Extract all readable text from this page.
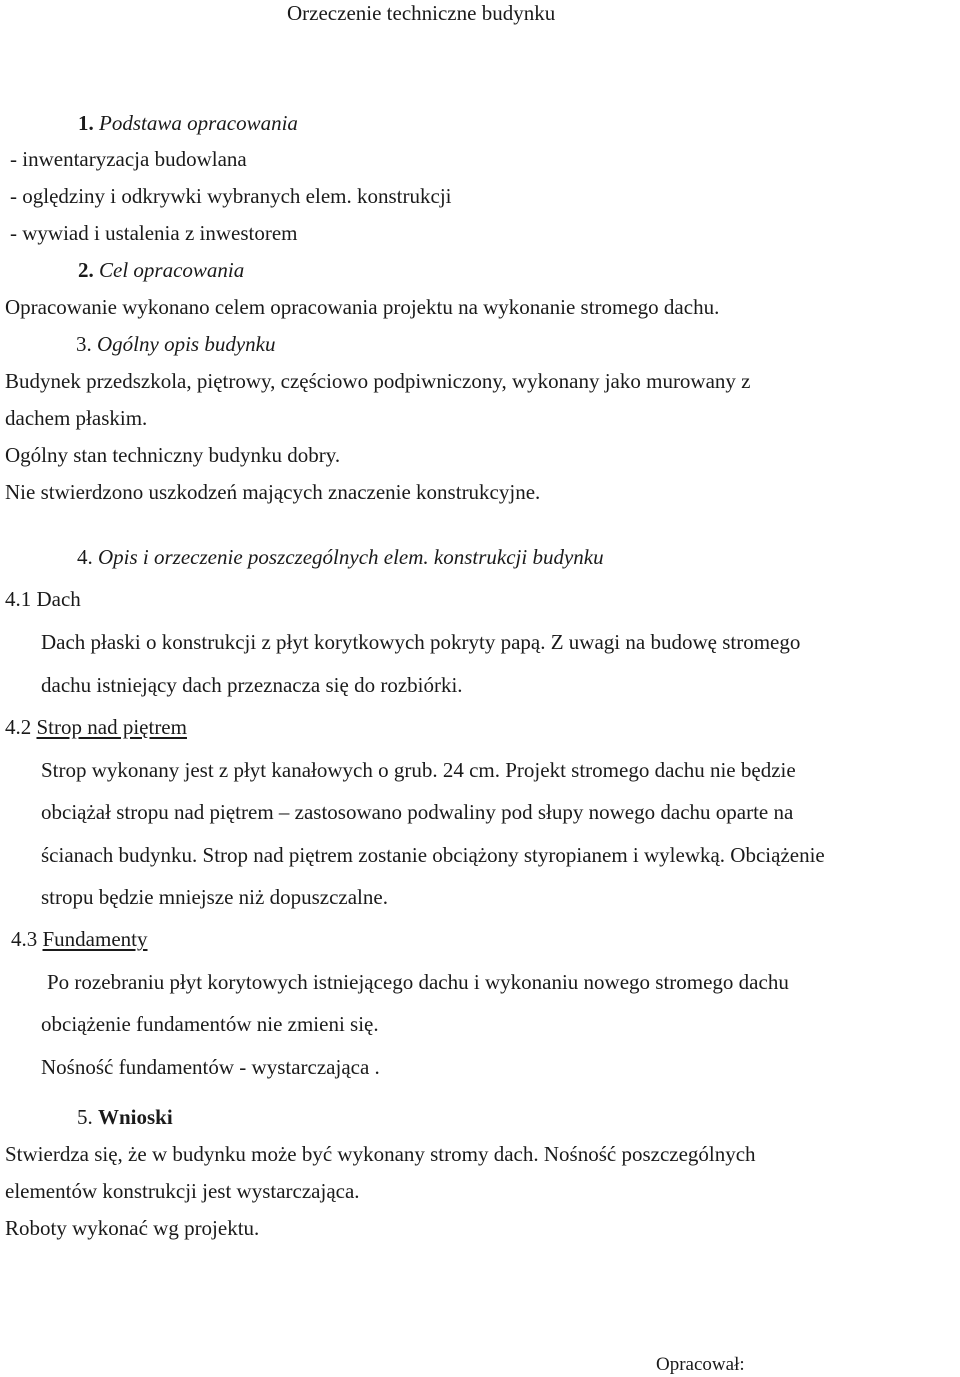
Orzeczenie techniczne budynku
1. Podstawa opracowania
- inwentaryzacja budowlana
- oględziny i odkrywki wybranych elem. konstrukcji
- wywiad i ustalenia z inwestorem
2. Cel opracowania
Opracowanie wykonano celem opracowania projektu na wykonanie stromego dachu.
3. Ogólny opis budynku
Budynek przedszkola, piętrowy, częściowo podpiwniczony, wykonany jako murowany z
dachem płaskim.
Ogólny stan techniczny budynku dobry.
Nie stwierdzono uszkodzeń mających znaczenie konstrukcyjne.
4. Opis i orzeczenie poszczególnych elem. konstrukcji budynku
4.1 Dach
Dach płaski o konstrukcji z płyt korytkowych pokryty papą. Z uwagi na budowę stromego
dachu istniejący dach przeznacza się do rozbiórki.
4.2 Strop nad piętrem
Strop wykonany jest z płyt kanałowych o grub. 24 cm. Projekt stromego dachu nie będzie
obciążał stropu nad piętrem – zastosowano podwaliny pod słupy nowego dachu oparte na
ścianach budynku. Strop nad piętrem zostanie obciążony styropianem i wylewką. Obciążenie
stropu będzie mniejsze niż dopuszczalne.
4.3 Fundamenty
Po rozebraniu płyt korytowych istniejącego dachu i wykonaniu nowego stromego dachu
obciążenie fundamentów nie zmieni się.
Nośność fundamentów - wystarczająca .
5. Wnioski
Stwierdza się, że w budynku może być wykonany stromy dach. Nośność poszczególnych
elementów konstrukcji jest wystarczająca.
Roboty wykonać wg projektu.
Opracował:
